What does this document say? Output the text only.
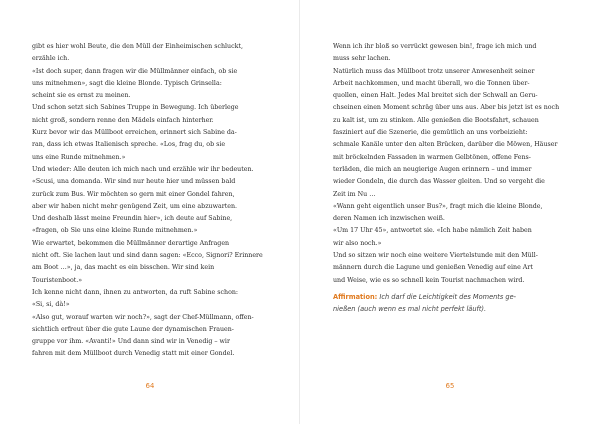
gibt es hier wohl Beute, die den Müll der Einheimischen schluckt,
erzähle ich.
«Ist doch super, dann fragen wir die Müllmänner einfach, ob sie
uns mitnehmen», sagt die kleine Blonde. Typisch Grinsella:
scheint sie es ernst zu meinen.
Und schon setzt sich Sabines Truppe in Bewegung. Ich überlege
nicht groß, sondern renne den Mädels einfach hinterher.
Kurz bevor wir das Müllboot erreichen, erinnert sich Sabine da-
ran, dass ich etwas Italienisch spreche. «Los, frag du, ob sie
uns eine Runde mitnehmen.»
Und wieder: Alle deuten ich mich nach und erzähle wir ihr bedeuten.
«Scusi, una domanda. Wir sind nur heute hier und müssen bald
zurück zum Bus. Wir möchten so gern mit einer Gondel fahren,
aber wir haben nicht mehr genügend Zeit, um eine abzuwarten.
Und deshalb lässt meine Freundin hier», ich deute auf Sabine,
«fragen, ob Sie uns eine kleine Runde mitnehmen.»
Wie erwartet, bekommen die Müllmänner derartige Anfragen
nicht oft. Sie lachen laut und sind dann sagen: «Ecco, Signori? Erinnere
am Boot …», ja, das macht es ein bisschen. Wir sind kein
Touristenboot.»
Ich kenne nicht dann, ihnen zu antworten, da ruft Sabine schon:
«Si, si, dà!»
«Also gut, worauf warten wir noch?», sagt der Chef-Müllmann, offen-
sichtlich erfreut über die gute Laune der dynamischen Frauen-
gruppe vor ihm. «Avanti!» Und dann sind wir in Venedig – wir
fahren mit dem Müllboot durch Venedig statt mit einer Gondel.
64
Wenn ich ihr bloß so verrückt gewesen bin!, frage ich mich und
muss sehr lachen.
Natürlich muss das Müllboot trotz unserer Anwesenheit seiner
Arbeit nachkommen, und macht überall, wo die Tonnen über-
quollen, einen Halt. Jedes Mal breitet sich der Schwall an Geru-
chseinen einen Moment schräg über uns aus. Aber bis jetzt ist es noch
zu kalt ist, um zu stinken. Alle genießen die Bootsfahrt, schauen
fasziniert auf die Szenerie, die gemütlich an uns vorbeizieht:
schmale Kanäle unter den alten Brücken, darüber die Möwen, Häuser
mit bröckelnden Fassaden in warmen Gelbtönen, offene Fens-
terläden, die mich an neugierige Augen erinnern – und immer
wieder Gondeln, die durch das Wasser gleiten. Und so vergeht die
Zeit im Nu …
«Wann geht eigentlich unser Bus?», fragt mich die kleine Blonde,
deren Namen ich inzwischen weiß.
«Um 17 Uhr 45», antwortet sie. «Ich habe nämlich Zeit haben
wir also noch.»
Und so sitzen wir noch eine weitere Viertelstunde mit den Müll-
männern durch die Lagune und genießen Venedig auf eine Art
und Weise, wie es so schnell kein Tourist nachmachen wird.
Affirmation: Ich darf die Leichtigkeit des Moments ge-
nießen (auch wenn es mal nicht perfekt läuft).
65
